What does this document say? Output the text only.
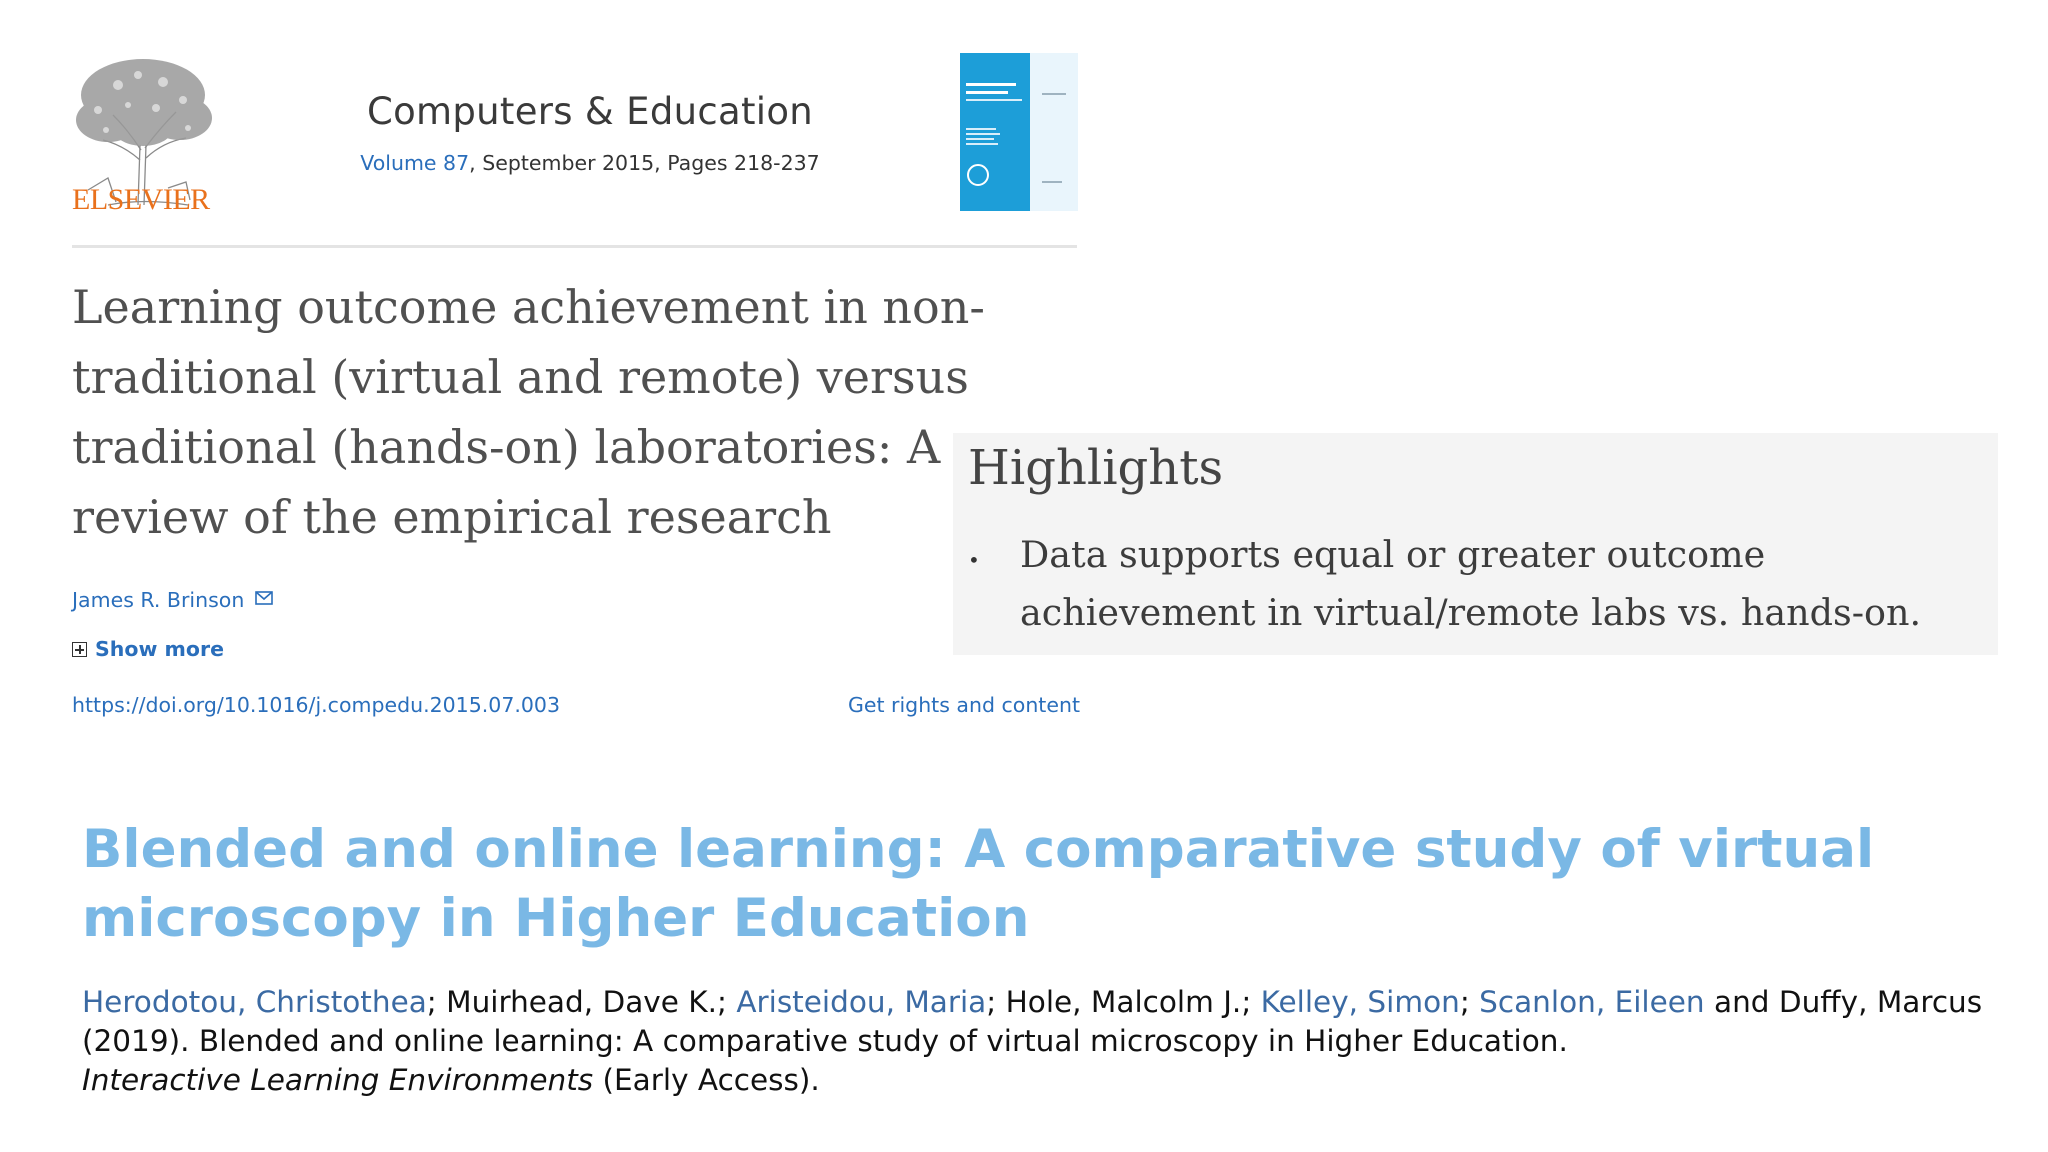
ELSEVIER
Computers & Education
Volume 87, September 2015, Pages 218-237
Learning outcome achievement in non-traditional (virtual and remote) versus traditional (hands-on) laboratories: A review of the empirical research
James R. Brinson
Show more
https://doi.org/10.1016/j.compedu.2015.07.003	Get rights and content
Highlights
• Data supports equal or greater outcome achievement in virtual/remote labs vs. hands-on.
Blended and online learning: A comparative study of virtual microscopy in Higher Education
Herodotou, Christothea; Muirhead, Dave K.; Aristeidou, Maria; Hole, Malcolm J.; Kelley, Simon; Scanlon, Eileen and Duffy, Marcus (2019). Blended and online learning: A comparative study of virtual microscopy in Higher Education.
Interactive Learning Environments (Early Access).
